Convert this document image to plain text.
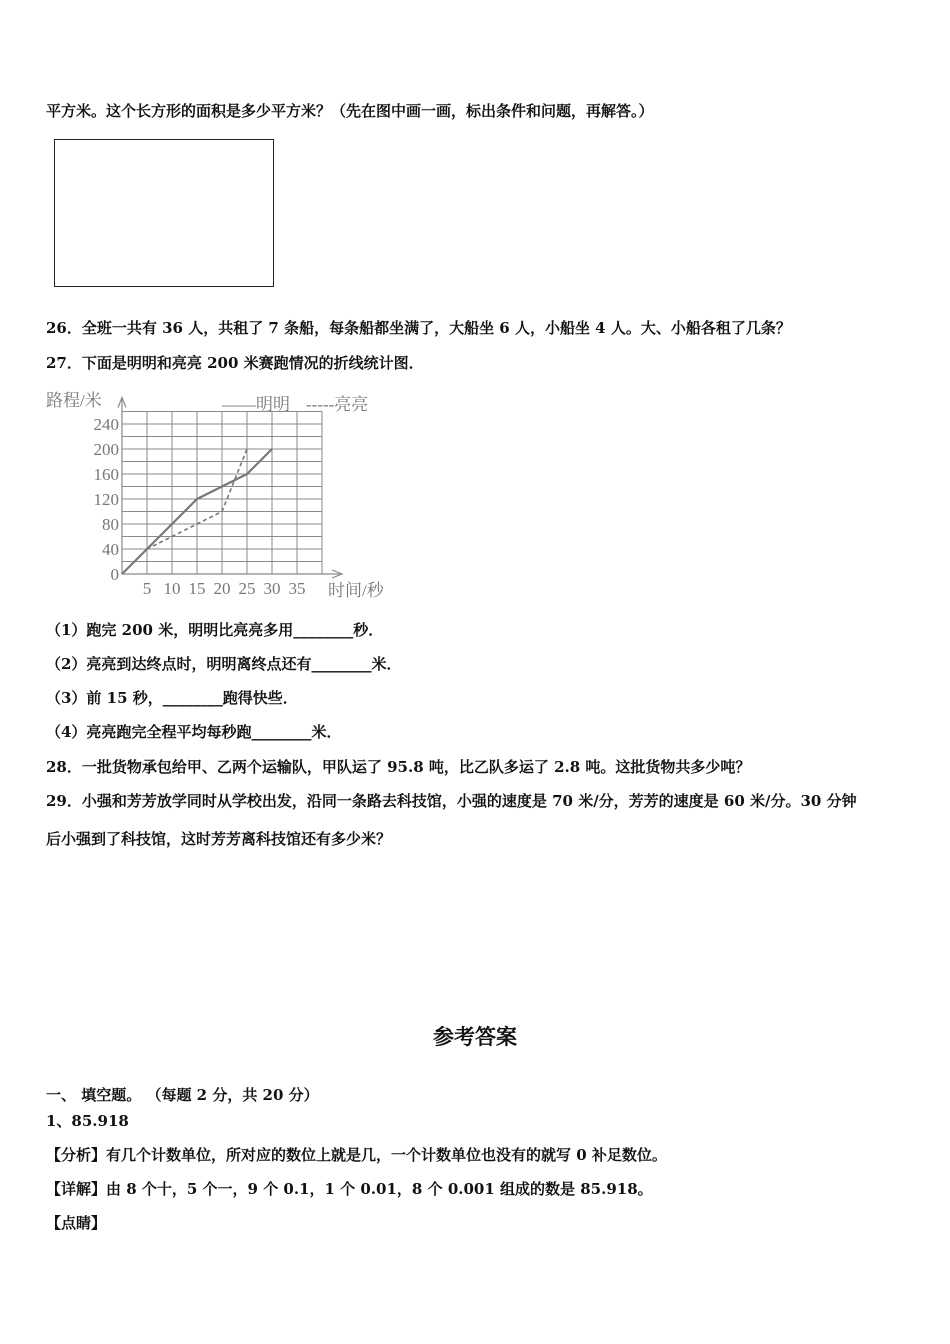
平方米。这个长方形的面积是多少平方米？（先在图中画一画，标出条件和问题，再解答。）
26．全班一共有 36 人，共租了 7 条船，每条船都坐满了，大船坐 6 人，小船坐 4 人。大、小船各租了几条？
27．下面是明明和亮亮 200 米赛跑情况的折线统计图．
路程/米	——明明 -----亮亮
0
40
80
120
160
200
240
5 10 15 20 25 30 35 时间/秒
（1）跑完 200 米，明明比亮亮多用________秒．
（2）亮亮到达终点时，明明离终点还有________米．
（3）前 15 秒，________跑得快些．
（4）亮亮跑完全程平均每秒跑________米．
28．一批货物承包给甲、乙两个运输队，甲队运了 95.8 吨，比乙队多运了 2.8 吨。这批货物共多少吨？
29．小强和芳芳放学同时从学校出发，沿同一条路去科技馆，小强的速度是 70 米/分，芳芳的速度是 60 米/分。30 分钟
后小强到了科技馆，这时芳芳离科技馆还有多少米？
参考答案
一、 填空题。 （每题 2 分，共 20 分）
1、85.918
【分析】有几个计数单位，所对应的数位上就是几，一个计数单位也没有的就写 0 补足数位。
【详解】由 8 个十，5 个一，9 个 0.1，1 个 0.01，8 个 0.001 组成的数是 85.918。
【点睛】
